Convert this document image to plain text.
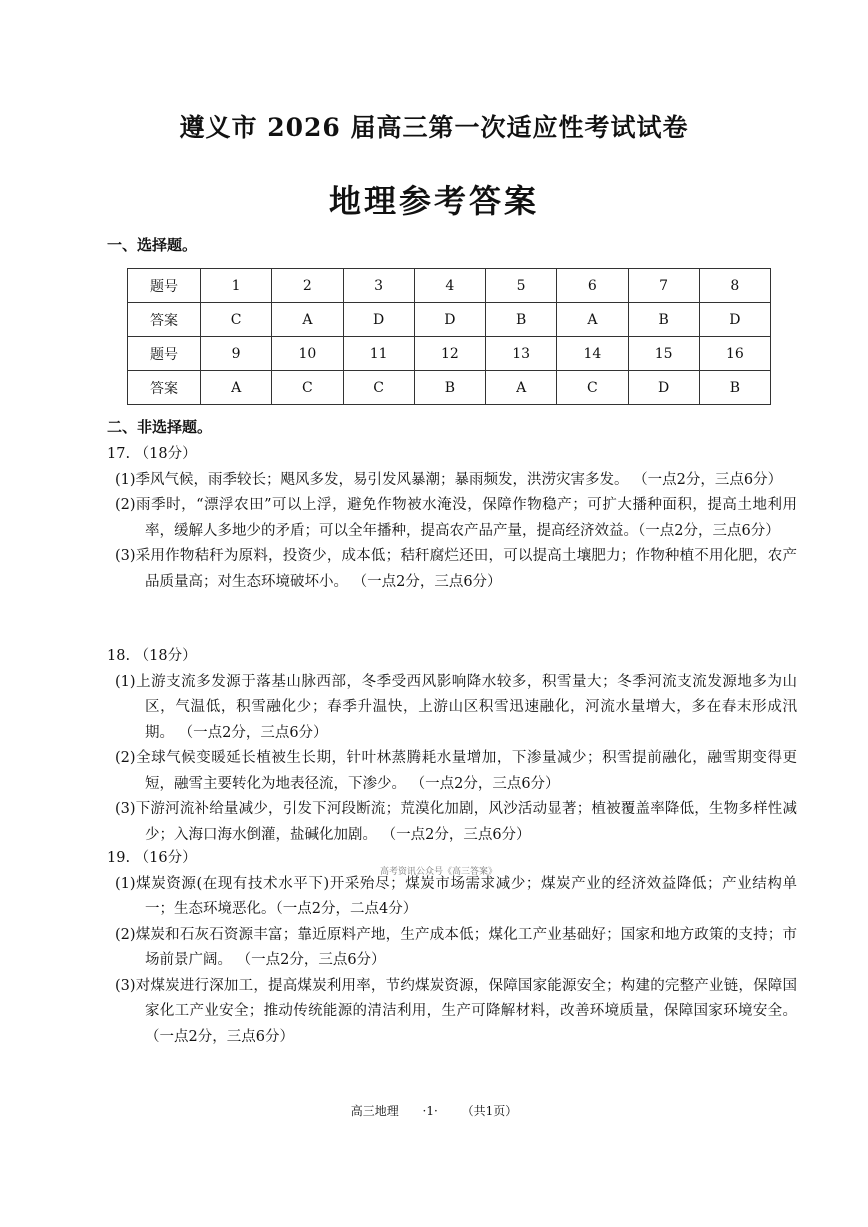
遵义市 2026 届高三第一次适应性考试试卷
地理参考答案
一、选择题。
题号	1	2	3	4	5	6	7	8
答案	C	A	D	D	B	A	B	D
题号	9	10	11	12	13	14	15	16
答案	A	C	C	B	A	C	D	B
二、非选择题。
17. （18分）
(1)季风气候，雨季较长；飓风多发，易引发风暴潮；暴雨频发，洪涝灾害多发。 （一点2分，三点6分）
(2)雨季时，“漂浮农田”可以上浮，避免作物被水淹没，保障作物稳产；可扩大播种面积，提高土地利用率，缓解人多地少的矛盾；可以全年播种，提高农产品产量，提高经济效益。（一点2分，三点6分）
(3)采用作物秸秆为原料，投资少，成本低；秸秆腐烂还田，可以提高土壤肥力；作物种植不用化肥，农产品质量高；对生态环境破坏小。 （一点2分，三点6分）
18. （18分）
(1)上游支流多发源于落基山脉西部，冬季受西风影响降水较多，积雪量大；冬季河流支流发源地多为山区，气温低，积雪融化少；春季升温快，上游山区积雪迅速融化，河流水量增大，多在春末形成汛期。 （一点2分，三点6分）
(2)全球气候变暖延长植被生长期，针叶林蒸腾耗水量增加，下渗量减少；积雪提前融化，融雪期变得更短，融雪主要转化为地表径流，下渗少。 （一点2分，三点6分）
(3)下游河流补给量减少，引发下河段断流；荒漠化加剧，风沙活动显著；植被覆盖率降低，生物多样性减少；入海口海水倒灌，盐碱化加剧。 （一点2分，三点6分）
高考资讯公众号《高三答案》
19. （16分）
(1)煤炭资源(在现有技术水平下)开采殆尽；煤炭市场需求减少；煤炭产业的经济效益降低；产业结构单一；生态环境恶化。（一点2分，二点4分）
(2)煤炭和石灰石资源丰富；靠近原料产地，生产成本低；煤化工产业基础好；国家和地方政策的支持；市场前景广阔。 （一点2分，三点6分）
(3)对煤炭进行深加工，提高煤炭利用率，节约煤炭资源，保障国家能源安全；构建的完整产业链，保障国家化工产业安全；推动传统能源的清洁利用，生产可降解材料，改善环境质量，保障国家环境安全。（一点2分，三点6分）
高三地理 ·1· （共1页）
